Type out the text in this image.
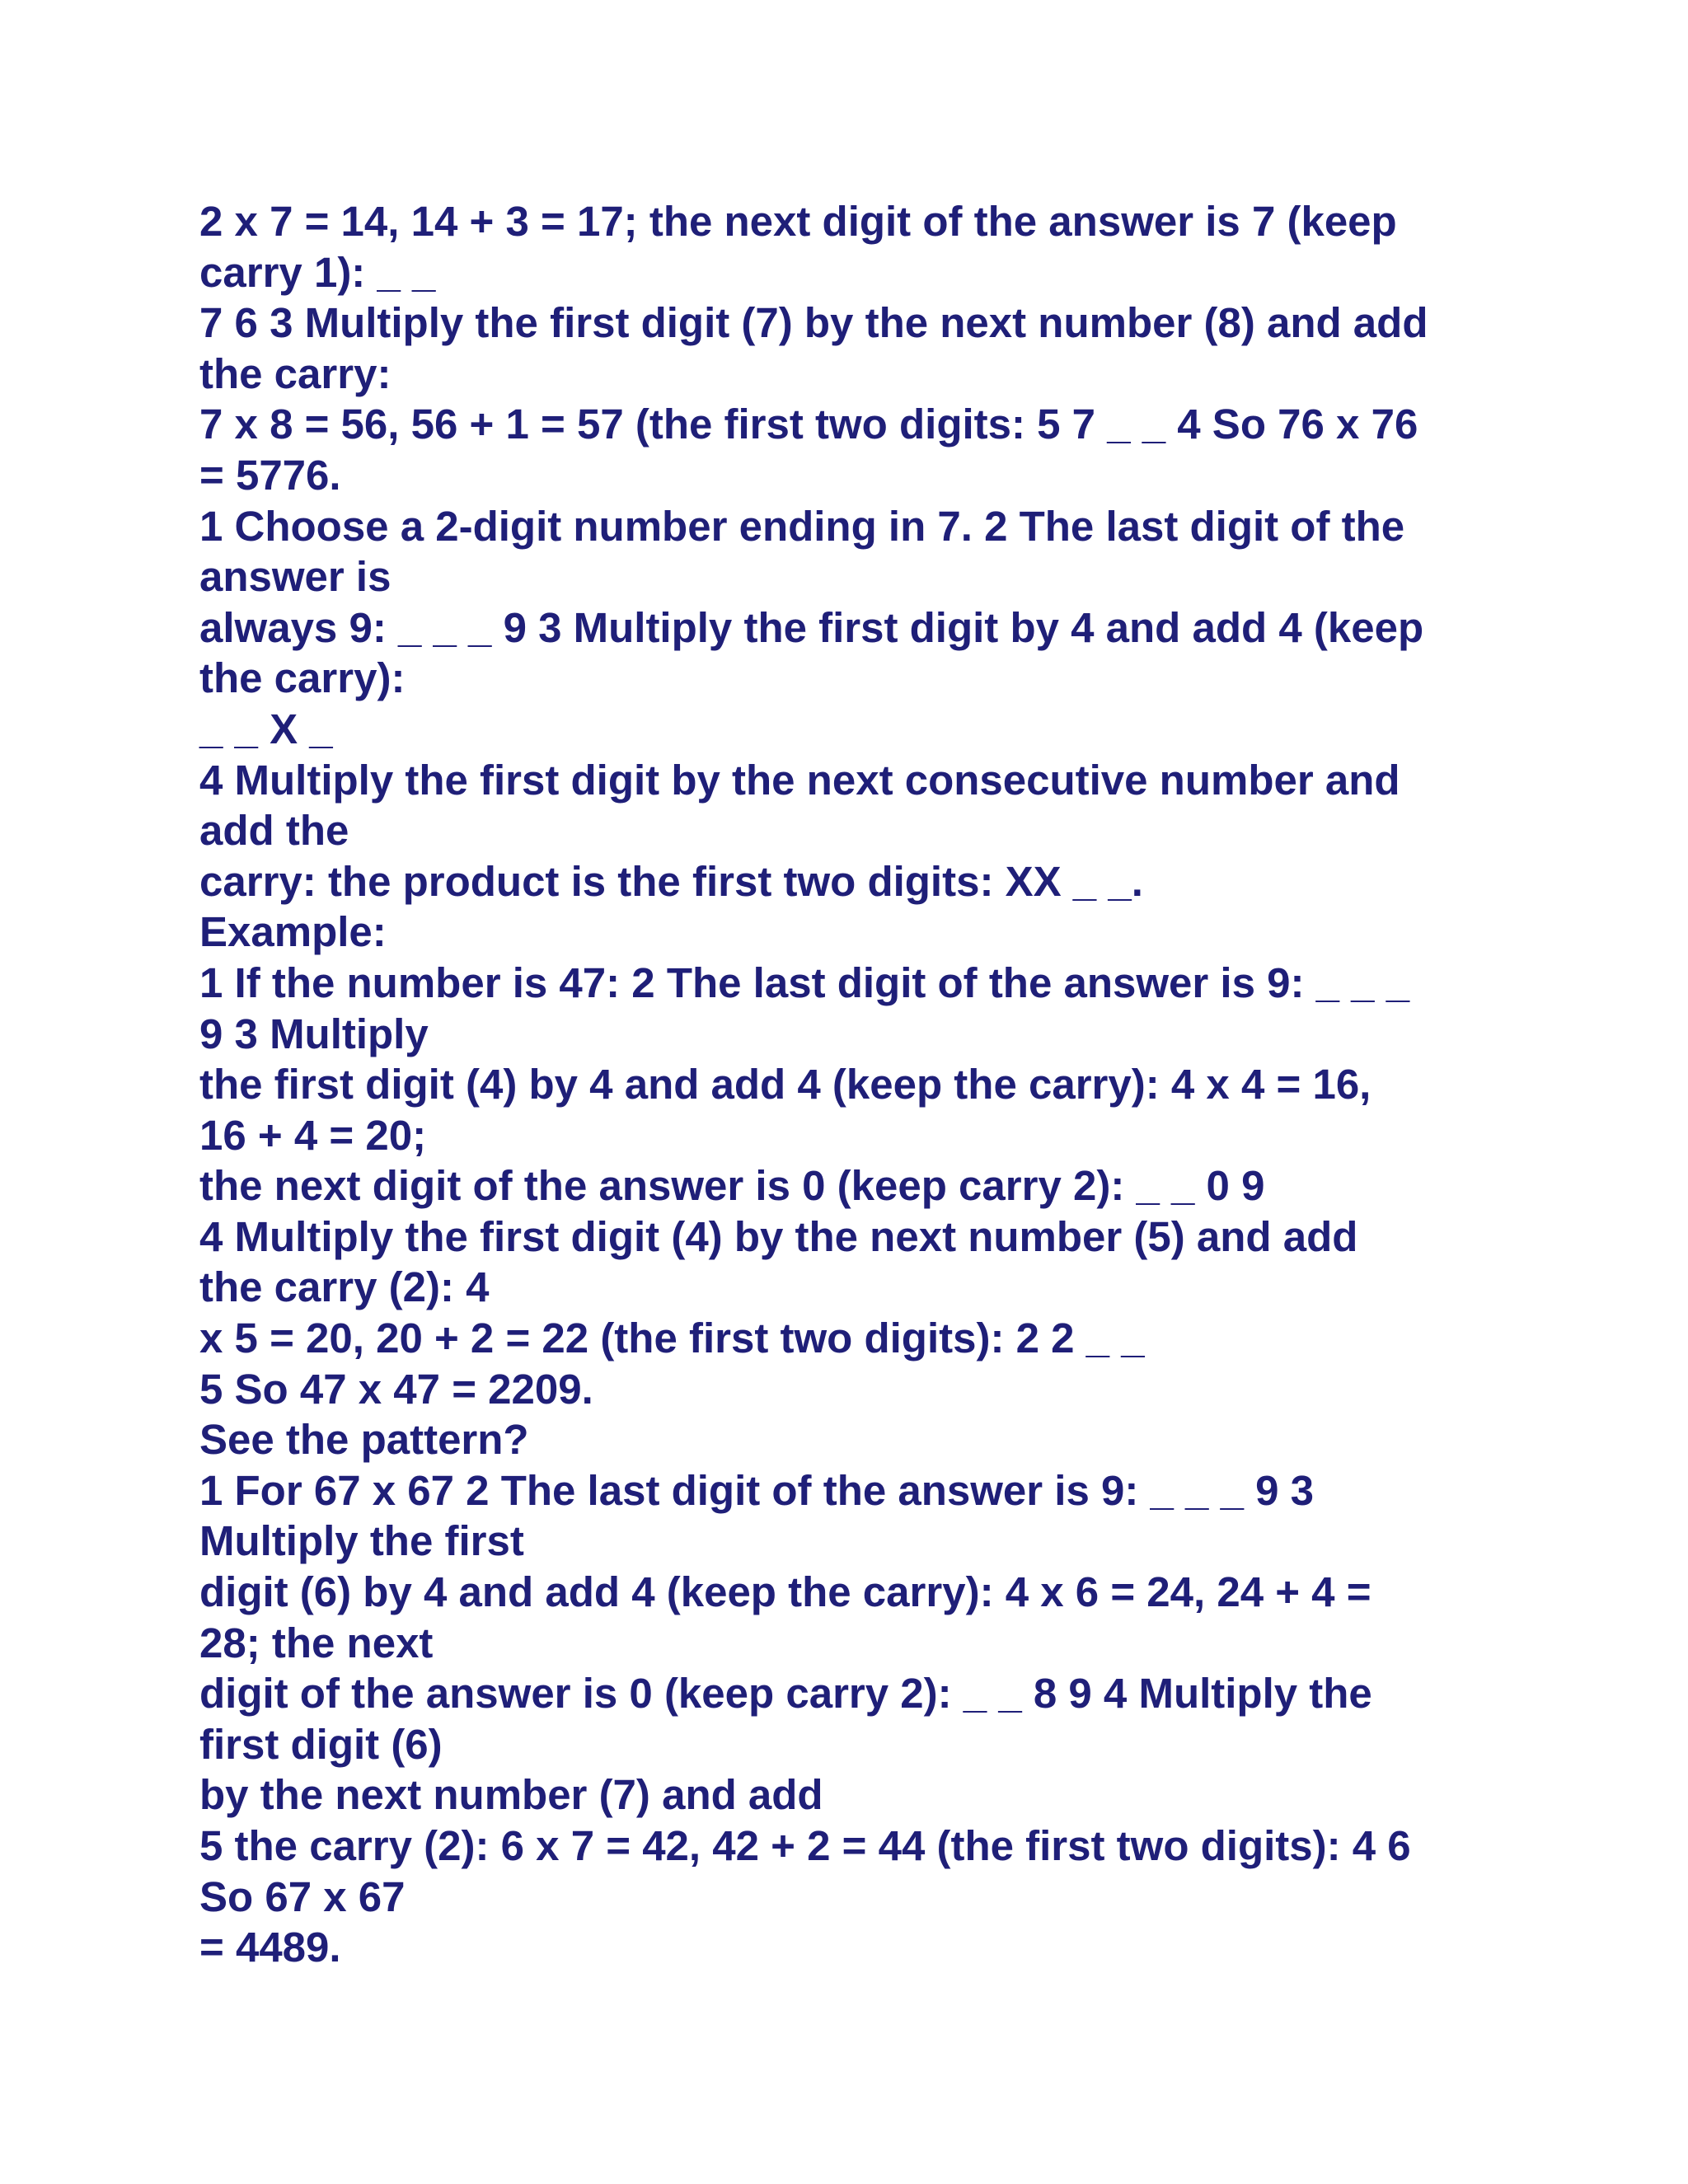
2 x 7 = 14, 14 + 3 = 17; the next digit of the answer is 7 (keep

carry 1): _ _

7 6 3 Multiply the first digit (7) by the next number (8) and add

the carry:

7 x 8 = 56, 56 + 1 = 57 (the first two digits: 5 7 _ _ 4 So 76 x 76

= 5776.

1 Choose a 2-digit number ending in 7. 2 The last digit of the

answer is

always 9: _ _ _ 9 3 Multiply the first digit by 4 and add 4 (keep

the carry):

_ _ X _

4 Multiply the first digit by the next consecutive number and

add the

carry: the product is the first two digits: XX _ _.

Example:

1 If the number is 47: 2 The last digit of the answer is 9: _ _ _

9 3 Multiply

the first digit (4) by 4 and add 4 (keep the carry): 4 x 4 = 16,

16 + 4 = 20;

the next digit of the answer is 0 (keep carry 2): _ _ 0 9

4 Multiply the first digit (4) by the next number (5) and add

the carry (2): 4

x 5 = 20, 20 + 2 = 22 (the first two digits): 2 2 _ _

5 So 47 x 47 = 2209.

See the pattern?

1 For 67 x 67 2 The last digit of the answer is 9: _ _ _ 9 3

Multiply the first

digit (6) by 4 and add 4 (keep the carry): 4 x 6 = 24, 24 + 4 =

28; the next

digit of the answer is 0 (keep carry 2): _ _ 8 9 4 Multiply the

first digit (6)

by the next number (7) and add

5 the carry (2): 6 x 7 = 42, 42 + 2 = 44 (the first two digits): 4 6

So 67 x 67

= 4489.
